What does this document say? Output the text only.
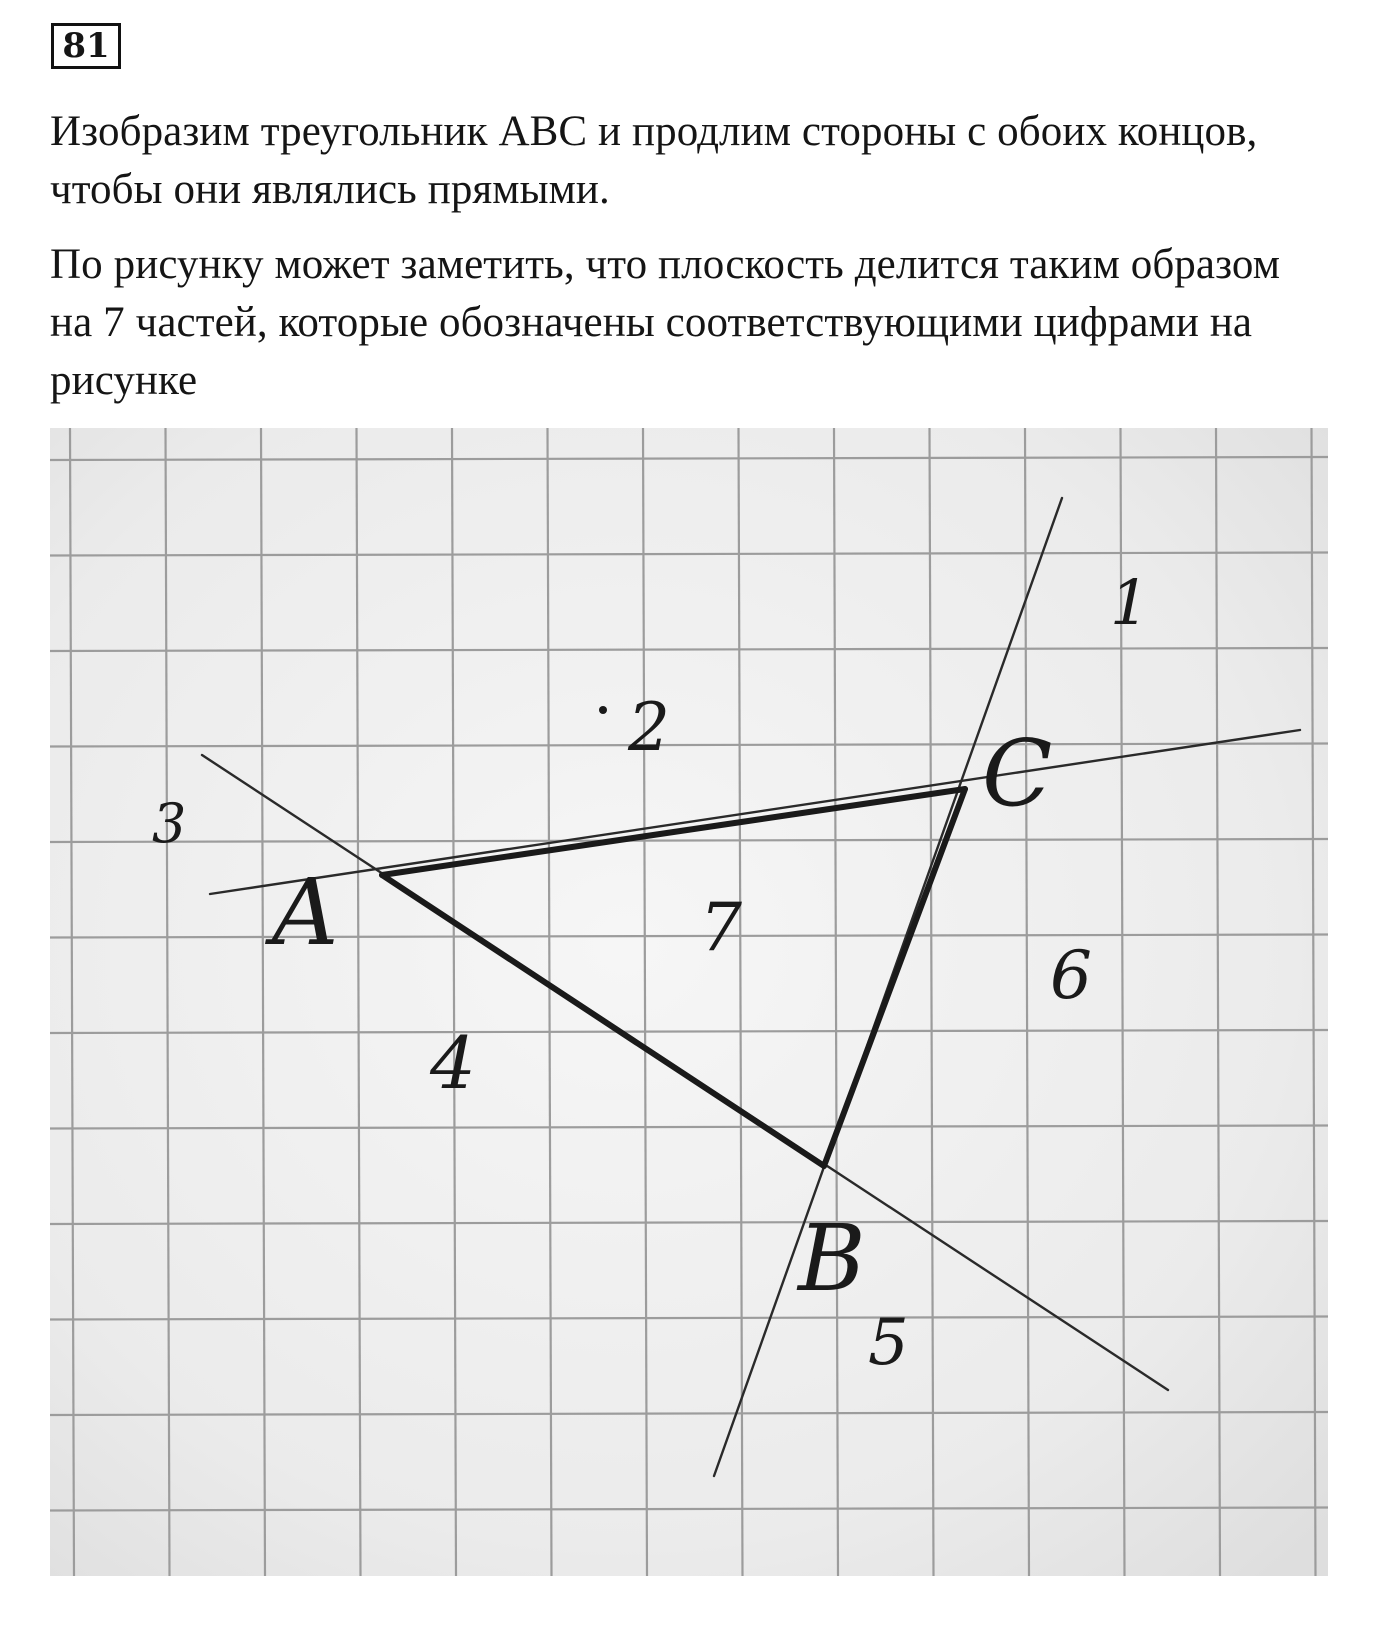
81
Изобразим треугольник ABC и продлим стороны с обоих концов,
чтобы они являлись прямыми.
По рисунку может заметить, что плоскость делится таким образом
на 7 частей, которые обозначены соответствующими цифрами на
рисунке
A
B
C
1
2
3
4
5
6
7
